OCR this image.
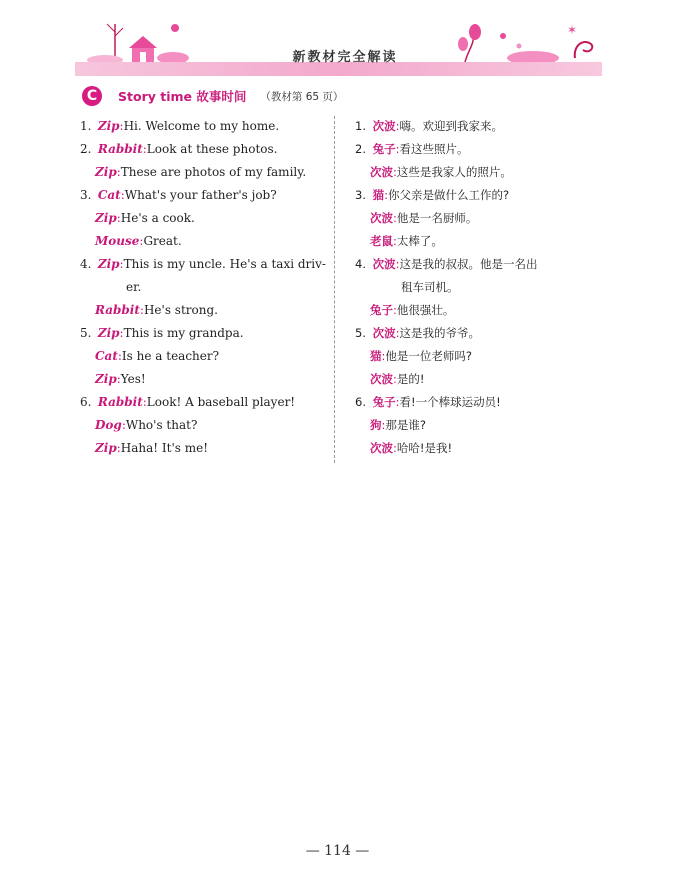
✶
新教材完全解读
C	Story time 故事时间 （教材第 65 页）
1. Zip:Hi. Welcome to my home.
2. Rabbit:Look at these photos.
Zip:These are photos of my family.
3. Cat:What's your father's job?
Zip:He's a cook.
Mouse:Great.
4. Zip:This is my uncle. He's a taxi driv-
er.
Rabbit:He's strong.
5. Zip:This is my grandpa.
Cat:Is he a teacher?
Zip:Yes!
6. Rabbit:Look! A baseball player!
Dog:Who's that?
Zip:Haha! It's me!
1. 次波:嗨。欢迎到我家来。
2. 兔子:看这些照片。
次波:这些是我家人的照片。
3. 猫:你父亲是做什么工作的?
次波:他是一名厨师。
老鼠:太棒了。
4. 次波:这是我的叔叔。他是一名出
租车司机。
兔子:他很强壮。
5. 次波:这是我的爷爷。
猫:他是一位老师吗?
次波:是的!
6. 兔子:看!一个棒球运动员!
狗:那是谁?
次波:哈哈!是我!
— 114 —
